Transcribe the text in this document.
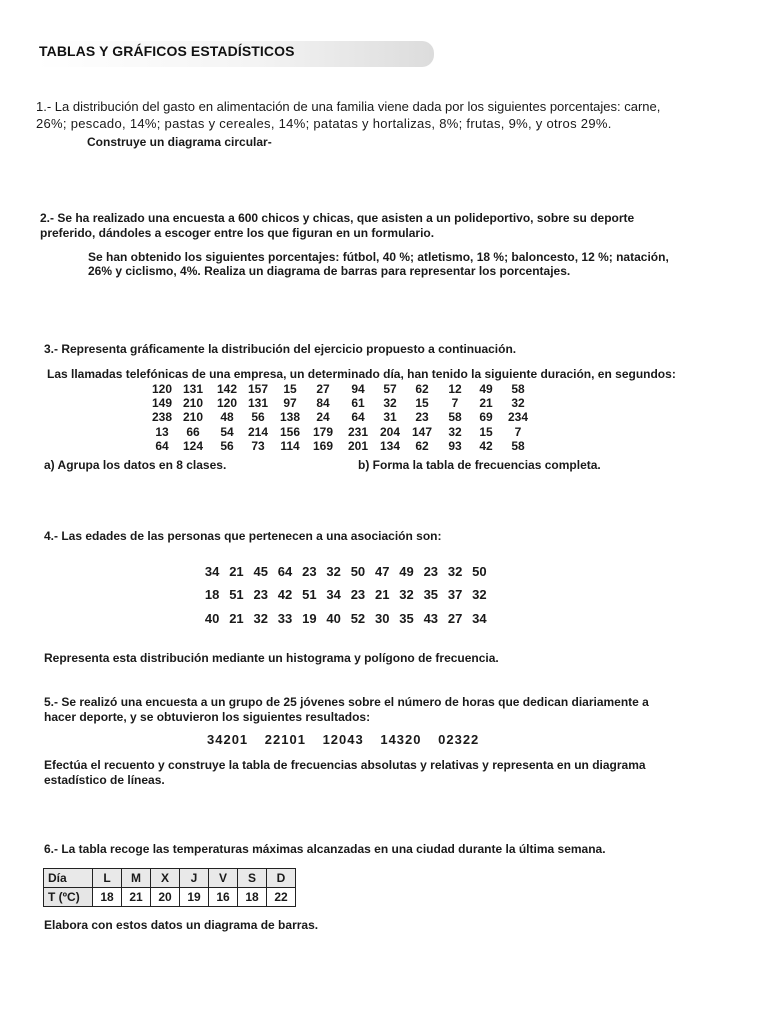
TABLAS Y GRÁFICOS ESTADÍSTICOS
1.- La distribución del gasto en alimentación de una familia viene dada por los siguientes porcentajes: carne,
26%; pescado, 14%; pastas y cereales, 14%; patatas y hortalizas, 8%; frutas, 9%, y otros 29%.
Construye un diagrama circular-
2.- Se ha realizado una encuesta a 600 chicos y chicas, que asisten a un polideportivo, sobre su deporte
preferido, dándoles a escoger entre los que figuran en un formulario.
Se han obtenido los siguientes porcentajes: fútbol, 40 %; atletismo, 18 %; baloncesto, 12 %; natación,
26% y ciclismo, 4%. Realiza un diagrama de barras para representar los porcentajes.
3.- Representa gráficamente la distribución del ejercicio propuesto a continuación.
Las llamadas telefónicas de una empresa, un determinado día, han tenido la siguiente duración, en segundos:
120 131	142 157	15	27	94	57	62	12	49	58
149 210	120 131	97	84	61	32	15	7	21	32
238 210	48	56	138	24	64	31	23	58	69	234
13	66	54	214 156	179	231 204 147	32	15	7
64	124	56	73	114	169	201 134	62	93	42	58
a) Agrupa los datos en 8 clases.	b) Forma la tabla de frecuencias completa.
4.- Las edades de las personas que pertenecen a una asociación son:
34 21 45 64 23 32 50 47 49 23 32 50
18 51 23 42 51 34 23 21 32 35 37 32
40 21 32 33 19 40 52 30 35 43 27 34
Representa esta distribución mediante un histograma y polígono de frecuencia.
5.- Se realizó una encuesta a un grupo de 25 jóvenes sobre el número de horas que dedican diariamente a
hacer deporte, y se obtuvieron los siguientes resultados:
34201 22101 12043 14320 02322
Efectúa el recuento y construye la tabla de frecuencias absolutas y relativas y representa en un diagrama
estadístico de líneas.
6.- La tabla recoge las temperaturas máximas alcanzadas en una ciudad durante la última semana.
Día	L	M	X	J	V	S	D
T (ºC)	18	21	20	19	16	18	22
Elabora con estos datos un diagrama de barras.
